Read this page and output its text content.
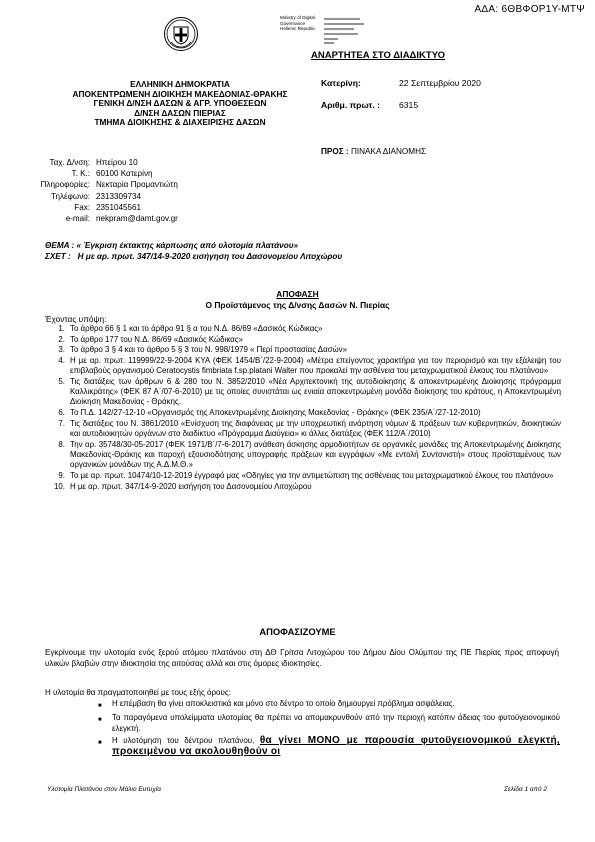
ΑΔΑ: 6ΘΒΦΟΡ1Υ-ΜΤΨ
Ministry of Digital
Governance
Hellenic Republic
ΕΛΛΗΝΙΚΗ ΔΗΜΟΚΡΑΤΙΑ
ΑΠΟΚΕΝΤΡΩΜΕΝΗ ΔΙΟΙΚΗΣΗ ΜΑΚΕΔΟΝΙΑΣ-ΘΡΑΚΗΣ
ΓΕΝΙΚΗ Δ/ΝΣΗ ΔΑΣΩΝ & ΑΓΡ. ΥΠΟΘΕΣΕΩΝ
Δ/ΝΣΗ ΔΑΣΩΝ ΠΙΕΡΙΑΣ
ΤΜΗΜΑ ΔΙΟΙΚΗΣΗΣ & ΔΙΑΧΕΙΡΙΣΗΣ ΔΑΣΩΝ
ΑΝΑΡΤΗΤΕΑ ΣΤΟ ΔΙΑΔΙΚΤΥΟ
Κατερίνη:	22 Σεπτεμβρίου 2020
Αριθμ. πρωτ. :	6315
ΠΡΟΣ : ΠΙΝΑΚΑ ΔΙΑΝΟΜΗΣ
Ταχ. Δ/νση: Ηπείρου 10
Τ. Κ.: 60100 Κατερίνη
Πληροφορίες: Νεκταρία Προμαντιώτη
Τηλέφωνο: 2313309734
Fax: 2351045561
e-mail: nekpram@damt.gov.gr
ΘΕΜΑ : « Έγκριση έκτακτης κάρπωσης από υλοτομία πλατάνου»
ΣΧΕΤ : Η με αρ. πρωτ. 347/14-9-2020 εισήγηση του Δασονομείου Λιτοχώρου
ΑΠΟΦΑΣΗ
Ο Προϊστάμενος της Δ/νσης Δασών Ν. Πιερίας
Έχοντας υπόψη:
1. Το άρθρο 66 § 1 και το άρθρο 91 § α του Ν.Δ. 86/69 «Δασικός Κώδικας»
2. Το άρθρο 177 του Ν.Δ. 86/69 «Δασικός Κώδικας»
3. Το άρθρο 3 § 4 και το άρθρο 5 § 3 του Ν. 998/1979 « Περί προστασίας Δασών»
4. Η με αρ. πρωτ. 119999/22-9-2004 ΚΥΑ (ΦΕΚ 1454/Β΄/22-9-2004) «Μέτρα επείγοντος χαρακτήρα για τον περιορισμό και την εξάλειψη του επιβλαβούς οργανισμού Ceratocystis fimbriata f.sp.platani Walter που προκαλεί την ασθένεια του μεταχρωματικού έλκους του πλατάνου»
5. Τις διατάξεις των άρθρων 6 & 280 του Ν. 3852/2010 «Νέα Αρχιτεκτονική της αυτοδιοίκησης & αποκεντρωμένης Διοίκησης πρόγραμμα Καλλικράτης» (ΦΕΚ 87 Α΄/07-6-2010) με τις οποίες συνιστάται ως ενιαία αποκεντρωμένη μονάδα διοίκησης του κράτους, η Αποκεντρωμένη Διοίκηση Μακεδονίας - Θράκης.
6. Το Π.Δ. 142/27-12-10 «Οργανισμός της Αποκεντρωμένης Διοίκησης Μακεδονίας - Θράκης» (ΦΕΚ 235/Α΄/27-12-2010)
7. Τις διατάξεις του Ν. 3861/2010 «Ενίσχυση της διαφάνειας με την υποχρεωτική ανάρτηση νόμων & πράξεων των κυβερνητικών, διοικητικών και αυτοδιοικητών οργάνων στο διαδίκτυο «Πρόγραμμα Διαύγεια» κι άλλες διατάξεις (ΦΕΚ 112/Α΄/2010)
8. Την αρ. 35748/30-05-2017 (ΦΕΚ 1971/Β΄/7-6-2017) ανάθεση άσκησης αρμοδιοτήτων σε οργανικές μονάδες της Αποκεντρωμένης Διοίκησης Μακεδονίας-Θράκης και παροχή εξουσιοδότησης υπογραφής πράξεων και εγγράφων «Με εντολή Συντονιστή» στους προϊσταμένους των οργανικών μονάδων της Α.Δ.Μ.Θ.»
9. Το με αρ. πρωτ. 10474/10-12-2019 έγγραφό μας «Οδηγίες για την αντιμετώπιση της ασθένειας του μεταχρωματικού έλκους του πλατάνου»
10. Η με αρ. πρωτ. 347/14-9-2020 εισήγηση του Δασονομείου Λιτοχώρου
ΑΠΟΦΑΣΙΖΟΥΜΕ
Εγκρίνουμε την υλοτομία ενός ξερού ατόμου πλατάνου στη ΔΘ Γρίτσα Λιτοχώρου του Δήμου Δίου Ολύμπου της ΠΕ Πιερίας προς αποφυγή υλικών βλαβών στην ιδιοκτησία της αιτούσας αλλά και στις όμορες ιδιοκτησίες.
Η υλοτομία θα πραγματοποιηθεί με τους εξής όρους:
■	Η επέμβαση θα γίνει αποκλειστικά και μόνο στο δέντρο το οποίο δημιουργεί πρόβλημα ασφάλειας.
■	Τα παραγόμενα υπολείμματα υλοτομίας θα πρέπει να απομακρυνθούν από την περιοχή κατόπιν άδειας του φυτοϋγειονομικού ελεγκτή.
■	Η υλοτόμηση του δέντρου πλατάνου, θα γίνει ΜΟΝΟ με παρουσία φυτοϋγειονομικού ελεγκτή, προκειμένου να ακολουθηθούν οι
Υλοτομία Πλατάνου στον Μάλιο Ευτυχία	Σελίδα 1 από 2
